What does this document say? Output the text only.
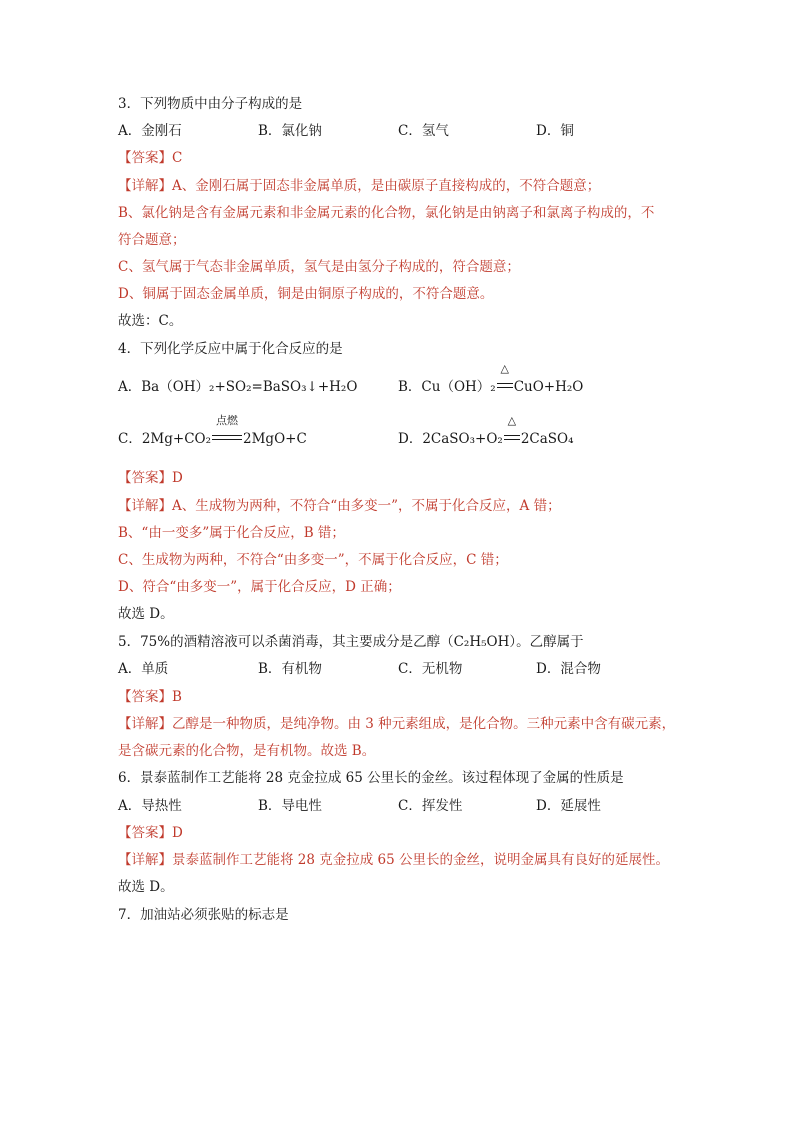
3．下列物质中由分子构成的是
A．金刚石	B．氯化钠	C．氢气	D．铜
【答案】C
【详解】A、金刚石属于固态非金属单质，是由碳原子直接构成的，不符合题意；
B、氯化钠是含有金属元素和非金属元素的化合物，氯化钠是由钠离子和氯离子构成的，不
符合题意；
C、氢气属于气态非金属单质，氢气是由氢分子构成的，符合题意；
D、铜属于固态金属单质，铜是由铜原子构成的，不符合题意。
故选：C。
4．下列化学反应中属于化合反应的是
A．Ba（OH）₂+SO₂=BaSO₃↓+H₂O	B．Cu（OH）₂
△
CuO+H₂O
C．2Mg+CO₂
点燃
2MgO+C	D．2CaSO₃+O₂
△
2CaSO₄
【答案】D
【详解】A、生成物为两种，不符合“由多变一”，不属于化合反应，A 错；
B、“由一变多”属于化合反应，B 错；
C、生成物为两种，不符合“由多变一”，不属于化合反应，C 错；
D、符合“由多变一”，属于化合反应，D 正确；
故选 D。
5．75%的酒精溶液可以杀菌消毒，其主要成分是乙醇（C₂H₅OH）。乙醇属于
A．单质	B．有机物	C．无机物	D．混合物
【答案】B
【详解】乙醇是一种物质，是纯净物。由 3 种元素组成，是化合物。三种元素中含有碳元素，
是含碳元素的化合物，是有机物。故选 B。
6．景泰蓝制作工艺能将 28 克金拉成 65 公里长的金丝。该过程体现了金属的性质是
A．导热性	B．导电性	C．挥发性	D．延展性
【答案】D
【详解】景泰蓝制作工艺能将 28 克金拉成 65 公里长的金丝，说明金属具有良好的延展性。
故选 D。
7．加油站必须张贴的标志是
